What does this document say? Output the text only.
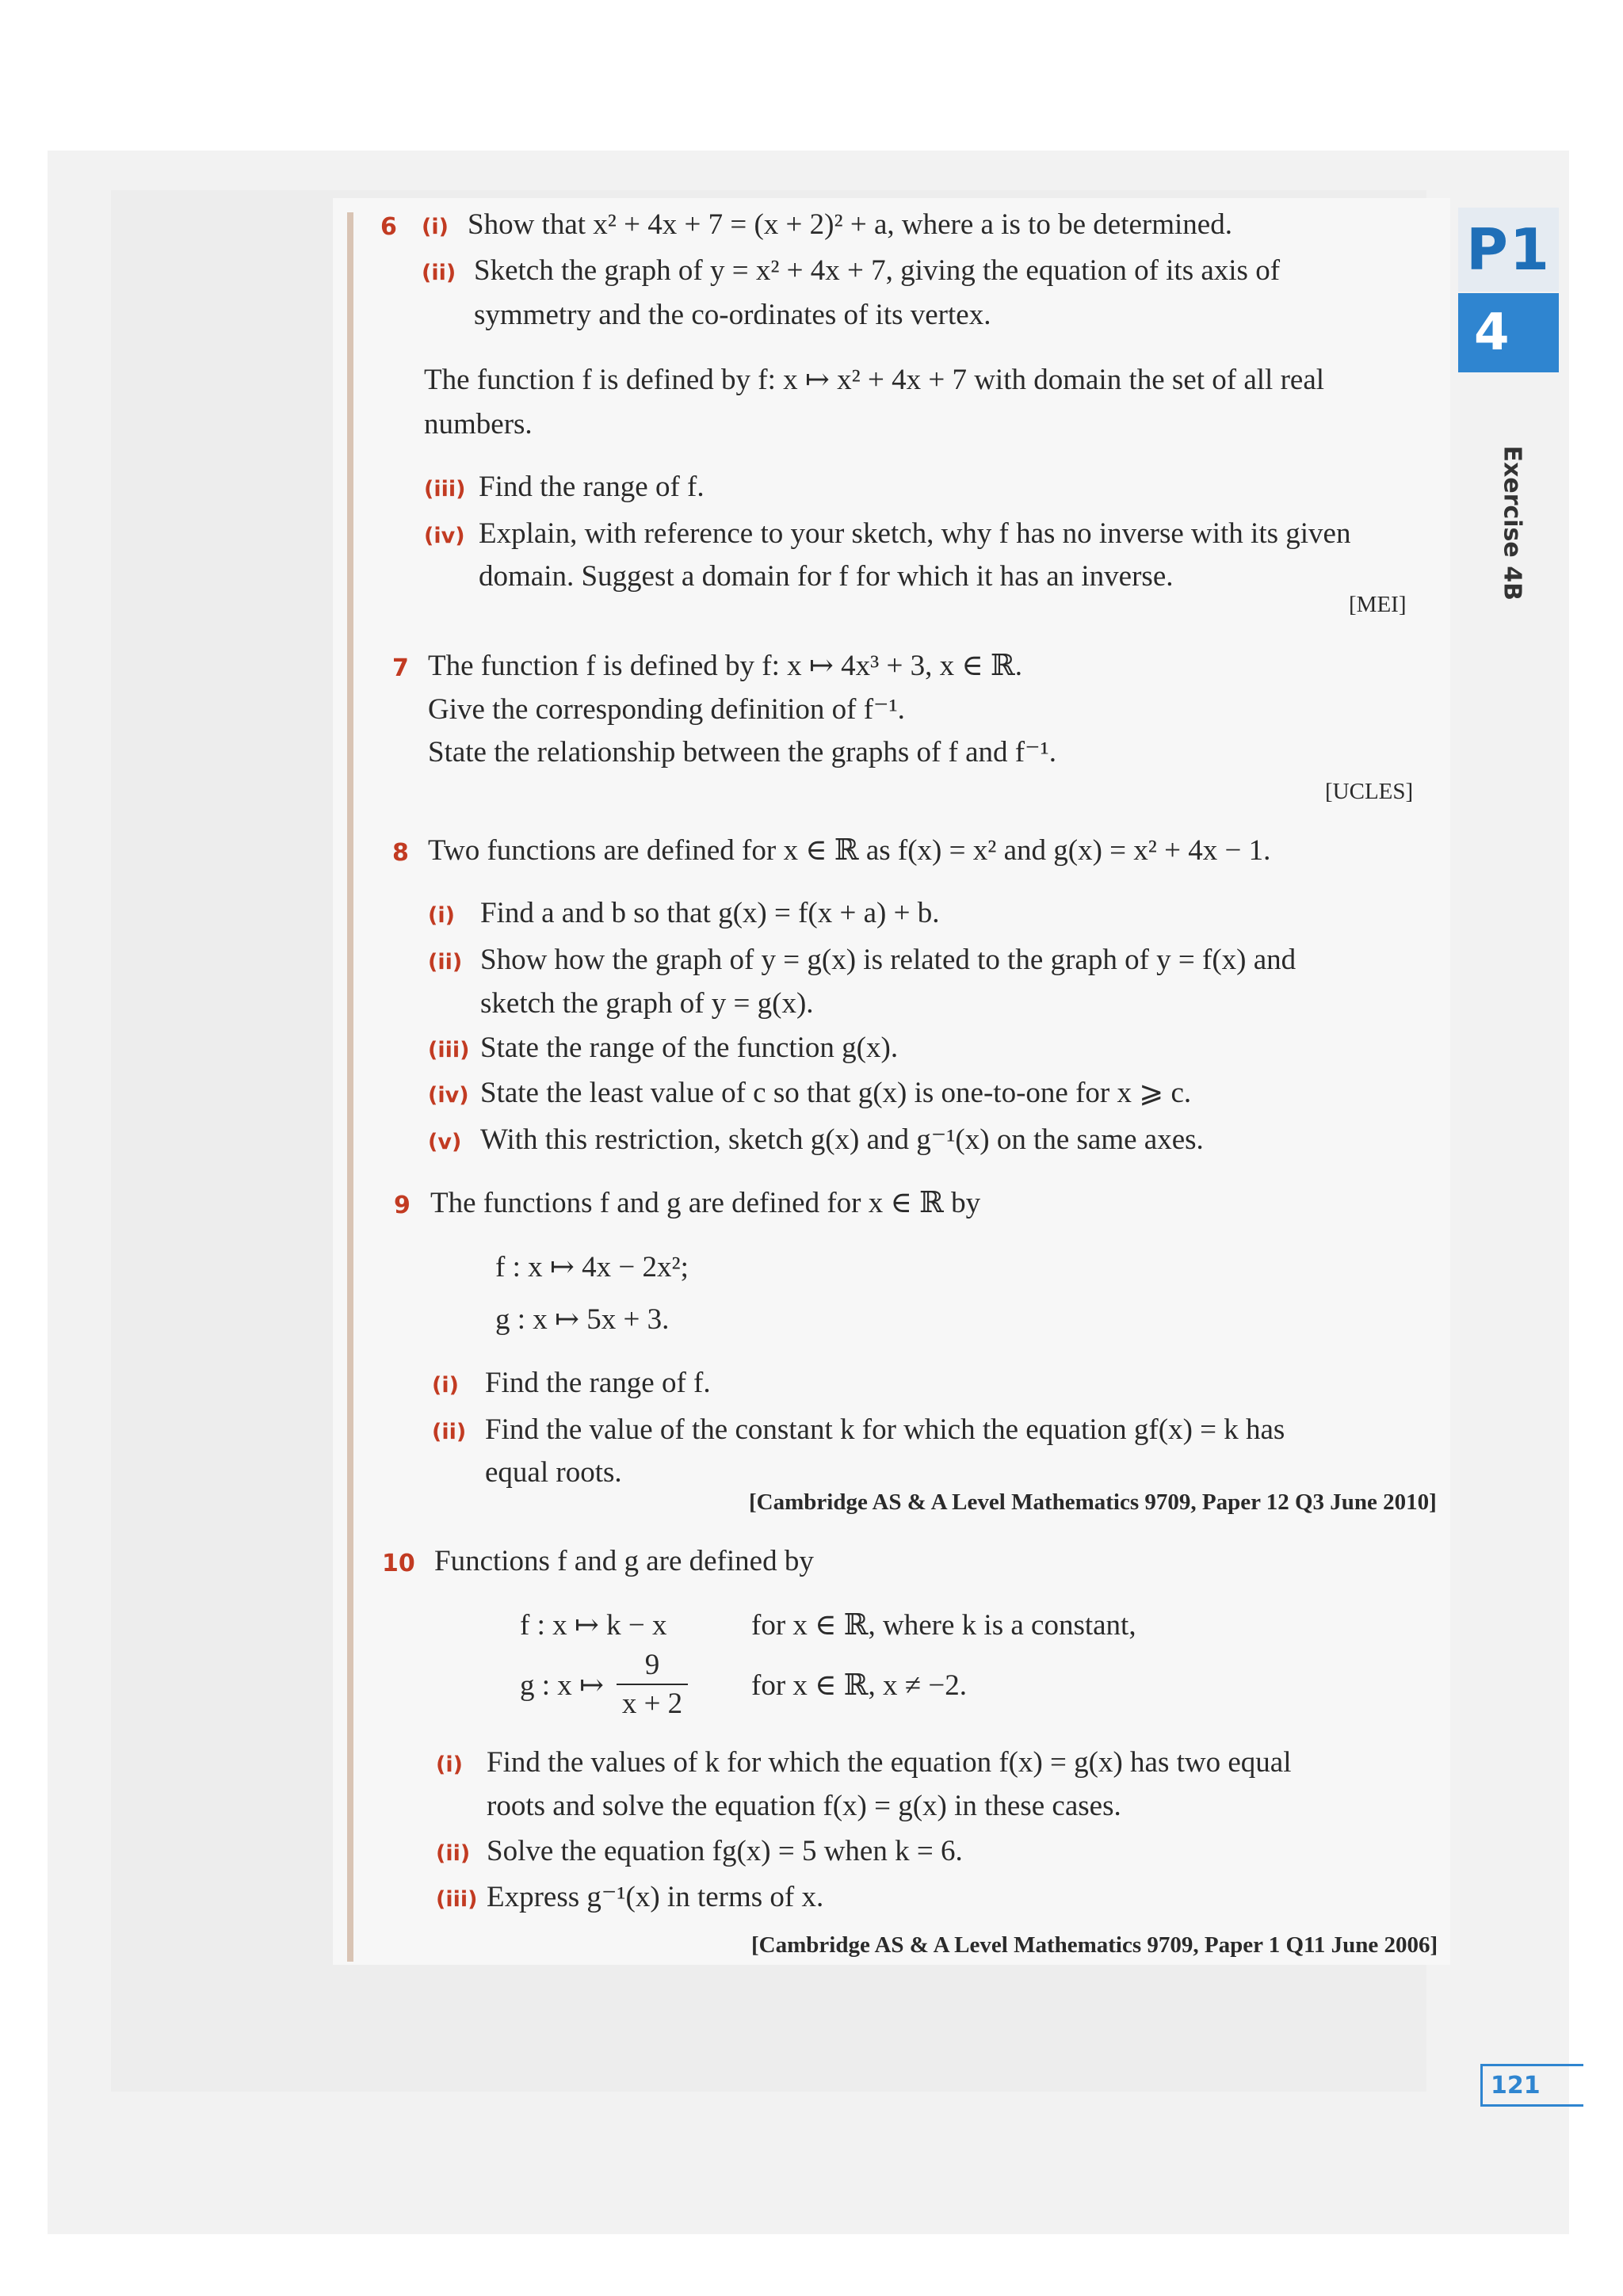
P1
4
Exercise 4B
121
6 (i) Show that x² + 4x + 7 = (x + 2)² + a, where a is to be determined.
(ii) Sketch the graph of y = x² + 4x + 7, giving the equation of its axis of
symmetry and the co-ordinates of its vertex.
The function f is defined by f: x ↦ x² + 4x + 7 with domain the set of all real
numbers.
(iii) Find the range of f.
(iv) Explain, with reference to your sketch, why f has no inverse with its given
domain. Suggest a domain for f for which it has an inverse.
[MEI]
7 The function f is defined by f: x ↦ 4x³ + 3, x ∈ ℝ.
Give the corresponding definition of f⁻¹.
State the relationship between the graphs of f and f⁻¹.
[UCLES]
8 Two functions are defined for x ∈ ℝ as f(x) = x² and g(x) = x² + 4x − 1.
(i) Find a and b so that g(x) = f(x + a) + b.
(ii) Show how the graph of y = g(x) is related to the graph of y = f(x) and
sketch the graph of y = g(x).
(iii) State the range of the function g(x).
(iv) State the least value of c so that g(x) is one-to-one for x ⩾ c.
(v) With this restriction, sketch g(x) and g⁻¹(x) on the same axes.
9 The functions f and g are defined for x ∈ ℝ by
f : x ↦ 4x − 2x²;
g : x ↦ 5x + 3.
(i) Find the range of f.
(ii) Find the value of the constant k for which the equation gf(x) = k has
equal roots.
[Cambridge AS & A Level Mathematics 9709, Paper 12 Q3 June 2010]
10 Functions f and g are defined by
f : x ↦ k − x	for x ∈ ℝ, where k is a constant,
g : x ↦
9
x + 2
for x ∈ ℝ, x ≠ −2.
(i) Find the values of k for which the equation f(x) = g(x) has two equal
roots and solve the equation f(x) = g(x) in these cases.
(ii) Solve the equation fg(x) = 5 when k = 6.
(iii) Express g⁻¹(x) in terms of x.
[Cambridge AS & A Level Mathematics 9709, Paper 1 Q11 June 2006]
